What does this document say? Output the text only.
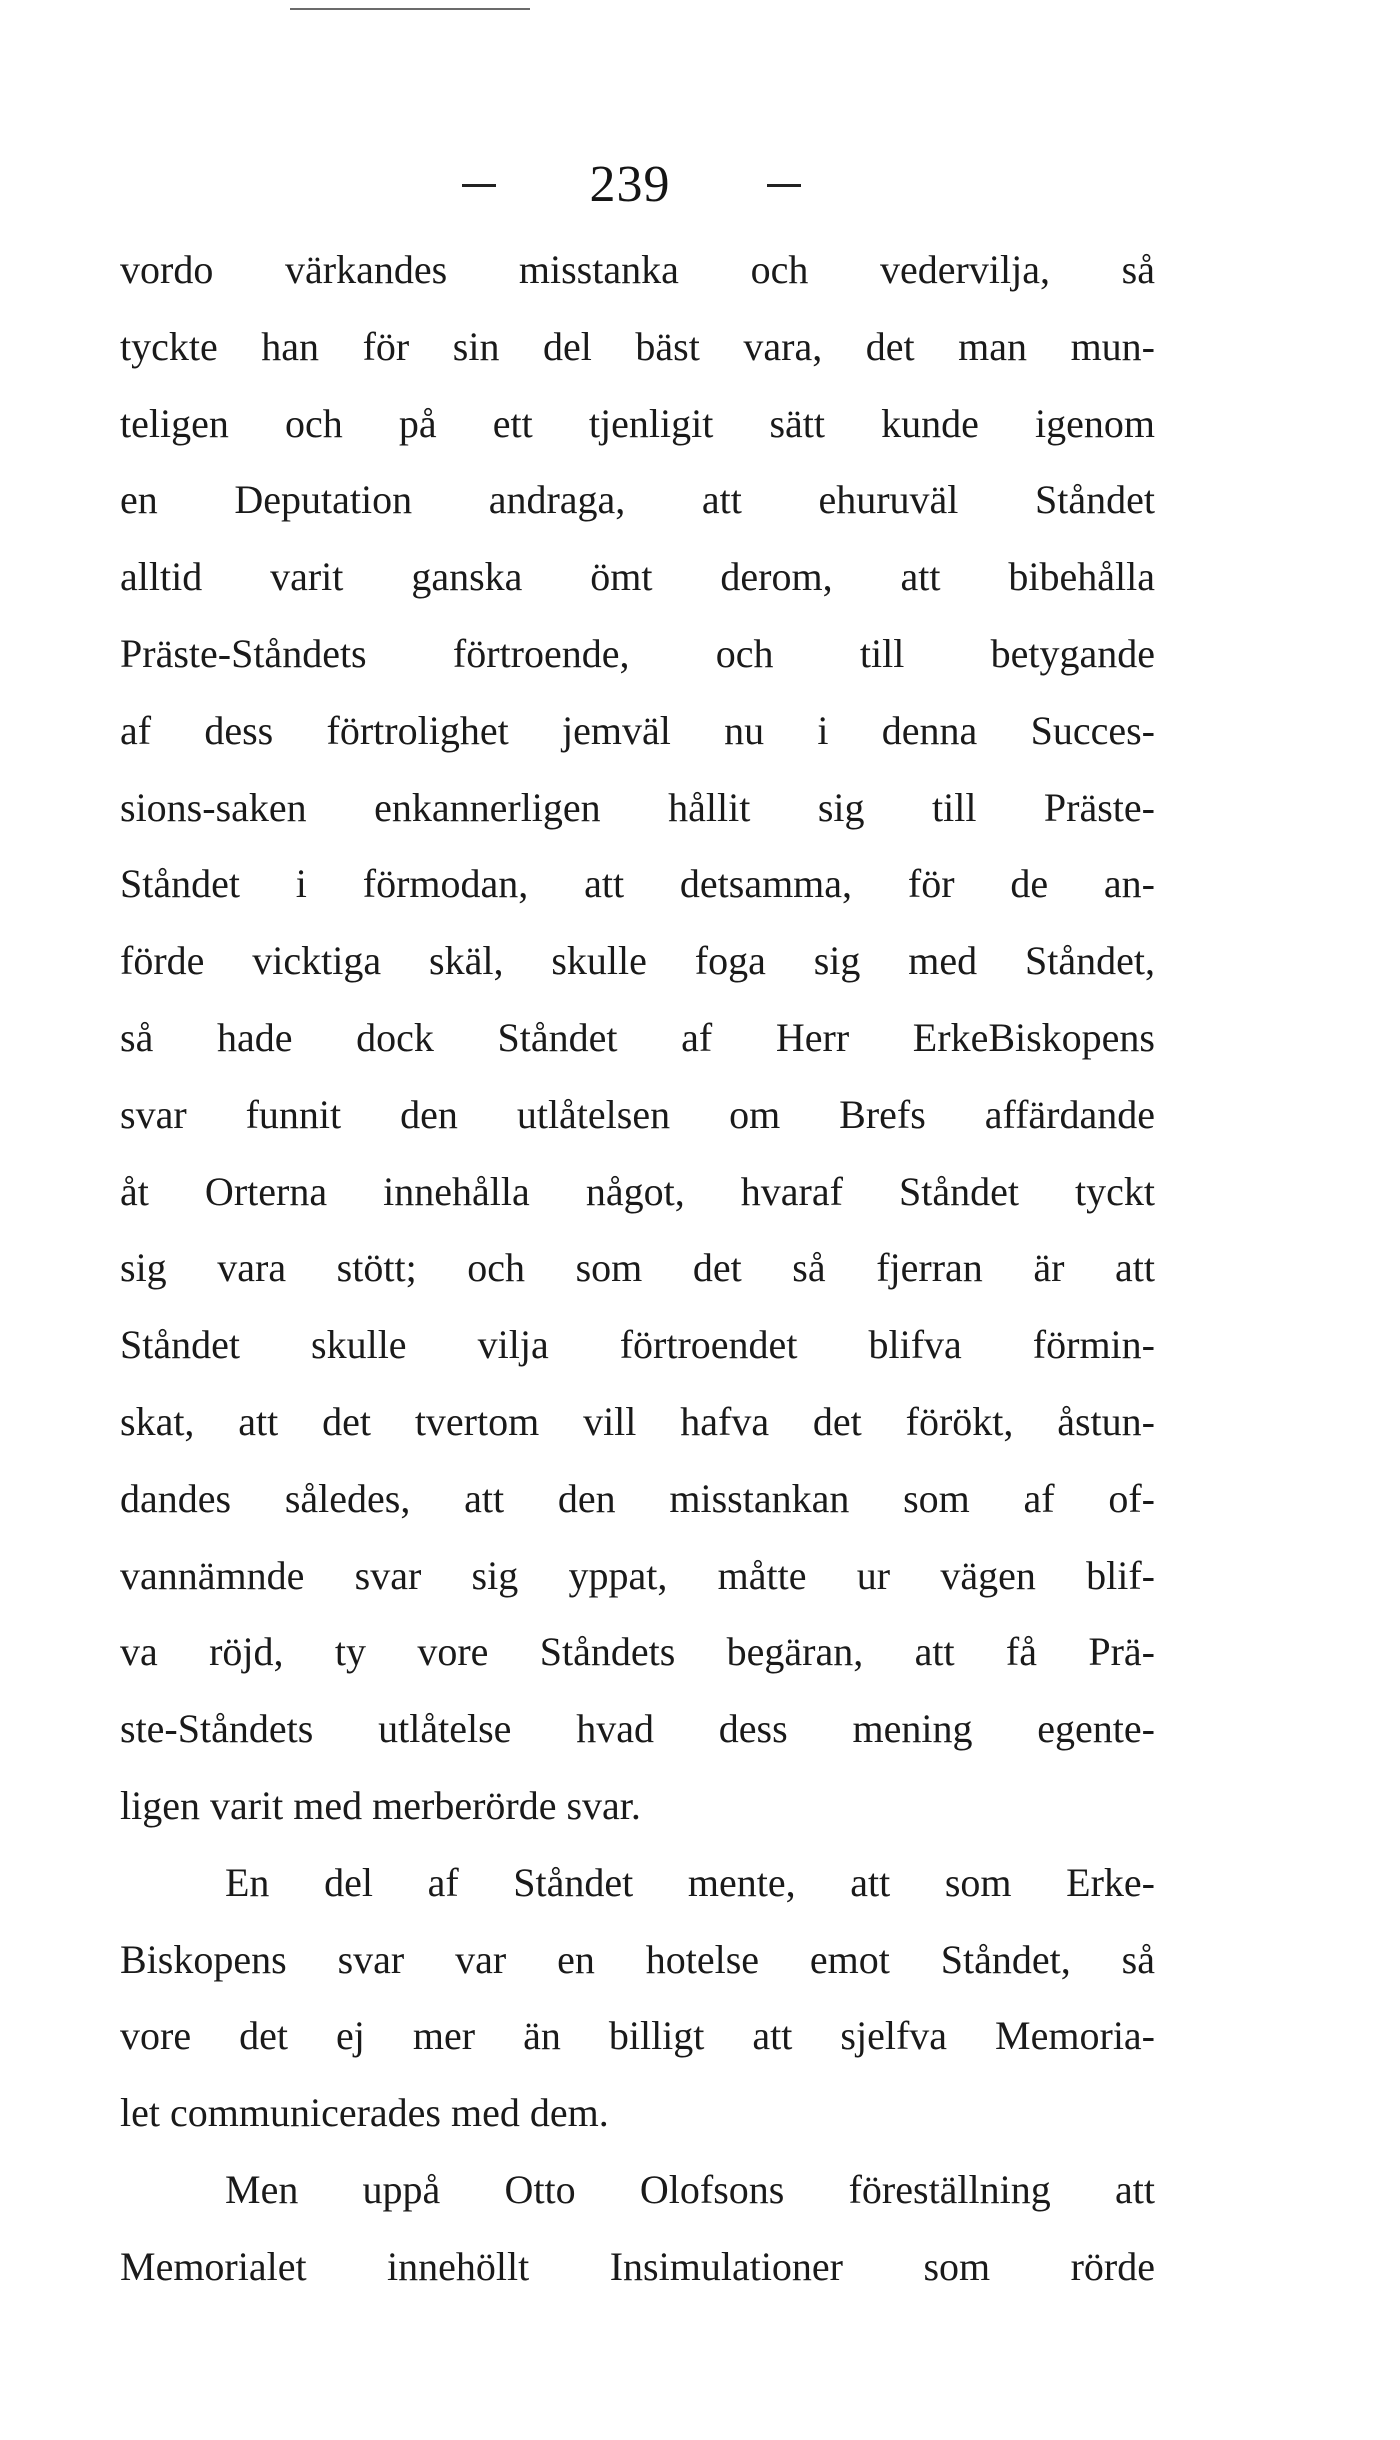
239
vordo värkandes misstanka och vedervilja, så
tyckte han för sin del bäst vara, det man mun-
teligen och på ett tjenligit sätt kunde igenom
en Deputation andraga, att ehuruväl Ståndet
alltid varit ganska ömt derom, att bibehålla
Präste-Ståndets förtroende, och till betygande
af dess förtrolighet jemväl nu i denna Succes-
sions-saken enkannerligen hållit sig till Präste-
Ståndet i förmodan, att detsamma, för de an-
förde vicktiga skäl, skulle foga sig med Ståndet,
så hade dock Ståndet af Herr ErkeBiskopens
svar funnit den utlåtelsen om Brefs affärdande
åt Orterna innehålla något, hvaraf Ståndet tyckt
sig vara stött; och som det så fjerran är att
Ståndet skulle vilja förtroendet blifva förmin-
skat, att det tvertom vill hafva det förökt, åstun-
dandes således, att den misstankan som af of-
vannämnde svar sig yppat, måtte ur vägen blif-
va röjd, ty vore Ståndets begäran, att få Prä-
ste-Ståndets utlåtelse hvad dess mening egente-
ligen varit med merberörde svar.
En del af Ståndet mente, att som Erke-
Biskopens svar var en hotelse emot Ståndet, så
vore det ej mer än billigt att sjelfva Memoria-
let communicerades med dem.
Men uppå Otto Olofsons föreställning att
Memorialet innehöllt Insimulationer som rörde
